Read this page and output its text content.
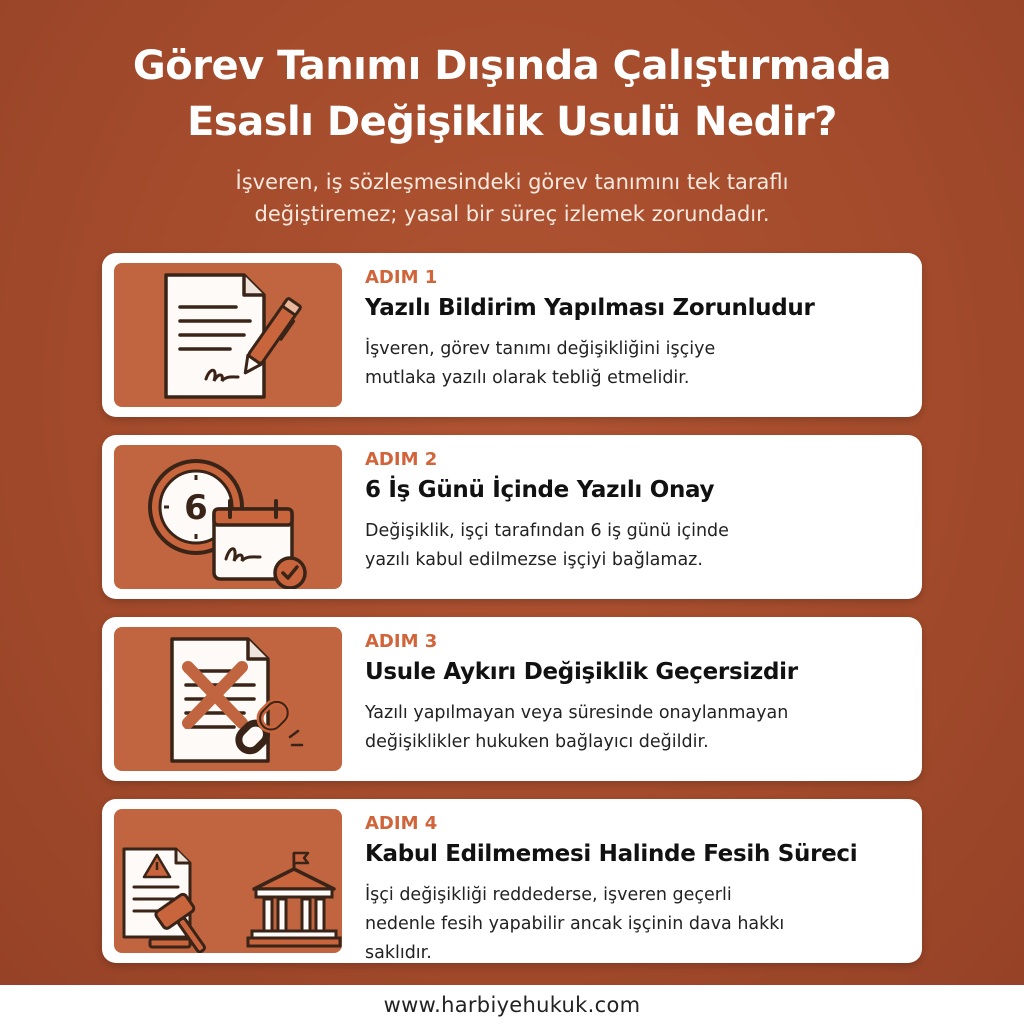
Görev Tanımı Dışında Çalıştırmada
Esaslı Değişiklik Usulü Nedir?
İşveren, iş sözleşmesindeki görev tanımını tek taraflı
değiştiremez; yasal bir süreç izlemek zorundadır.
ADIM 1
Yazılı Bildirim Yapılması Zorunludur
İşveren, görev tanımı değişikliğini işçiye
mutlaka yazılı olarak tebliğ etmelidir.
6
ADIM 2
6 İş Günü İçinde Yazılı Onay
Değişiklik, işçi tarafından 6 iş günü içinde
yazılı kabul edilmezse işçiyi bağlamaz.
ADIM 3
Usule Aykırı Değişiklik Geçersizdir
Yazılı yapılmayan veya süresinde onaylanmayan
değişiklikler hukuken bağlayıcı değildir.
ADIM 4
Kabul Edilmemesi Halinde Fesih Süreci
İşçi değişikliği reddederse, işveren geçerli
nedenle fesih yapabilir ancak işçinin dava hakkı
saklıdır.
www.harbiyehukuk.com
